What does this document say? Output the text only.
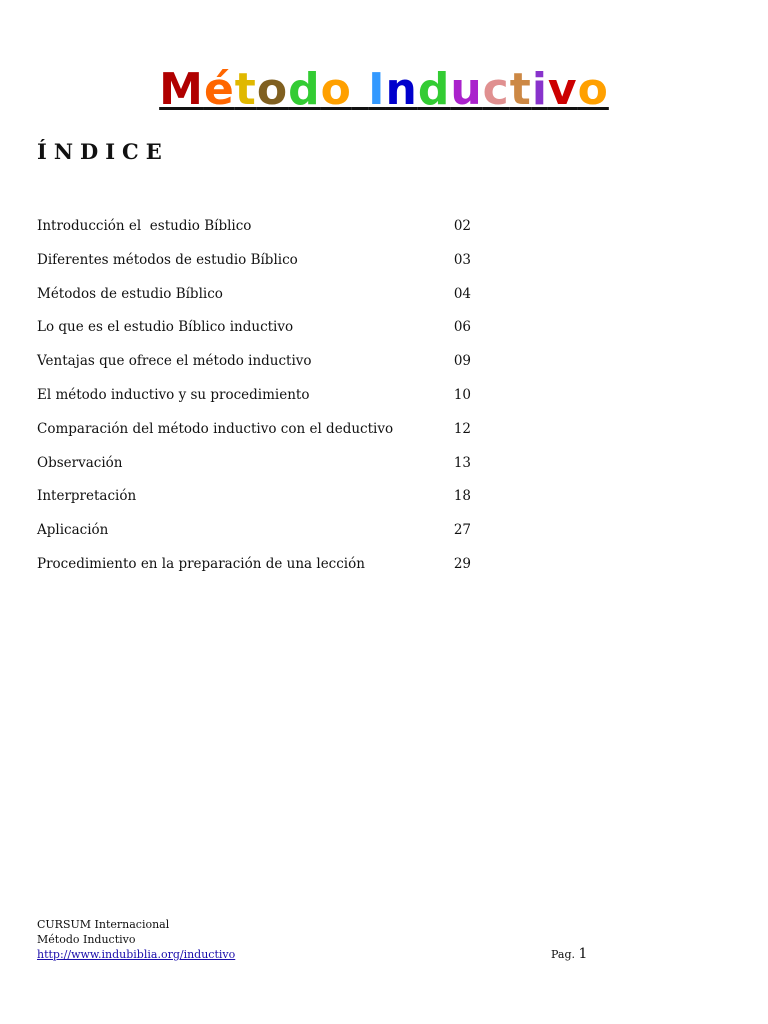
Método Inductivo
ÍNDICE
Introducción el  estudio Bíblico	02
Diferentes métodos de estudio Bíblico	03
Métodos de estudio Bíblico	04
Lo que es el estudio Bíblico inductivo	06
Ventajas que ofrece el método inductivo	09
El método inductivo y su procedimiento	10
Comparación del método inductivo con el deductivo	12
Observación	13
Interpretación	18
Aplicación	27
Procedimiento en la preparación de una lección	29
CURSUM Internacional
Método Inductivo
http://www.indubiblia.org/inductivo	Pag. 1
